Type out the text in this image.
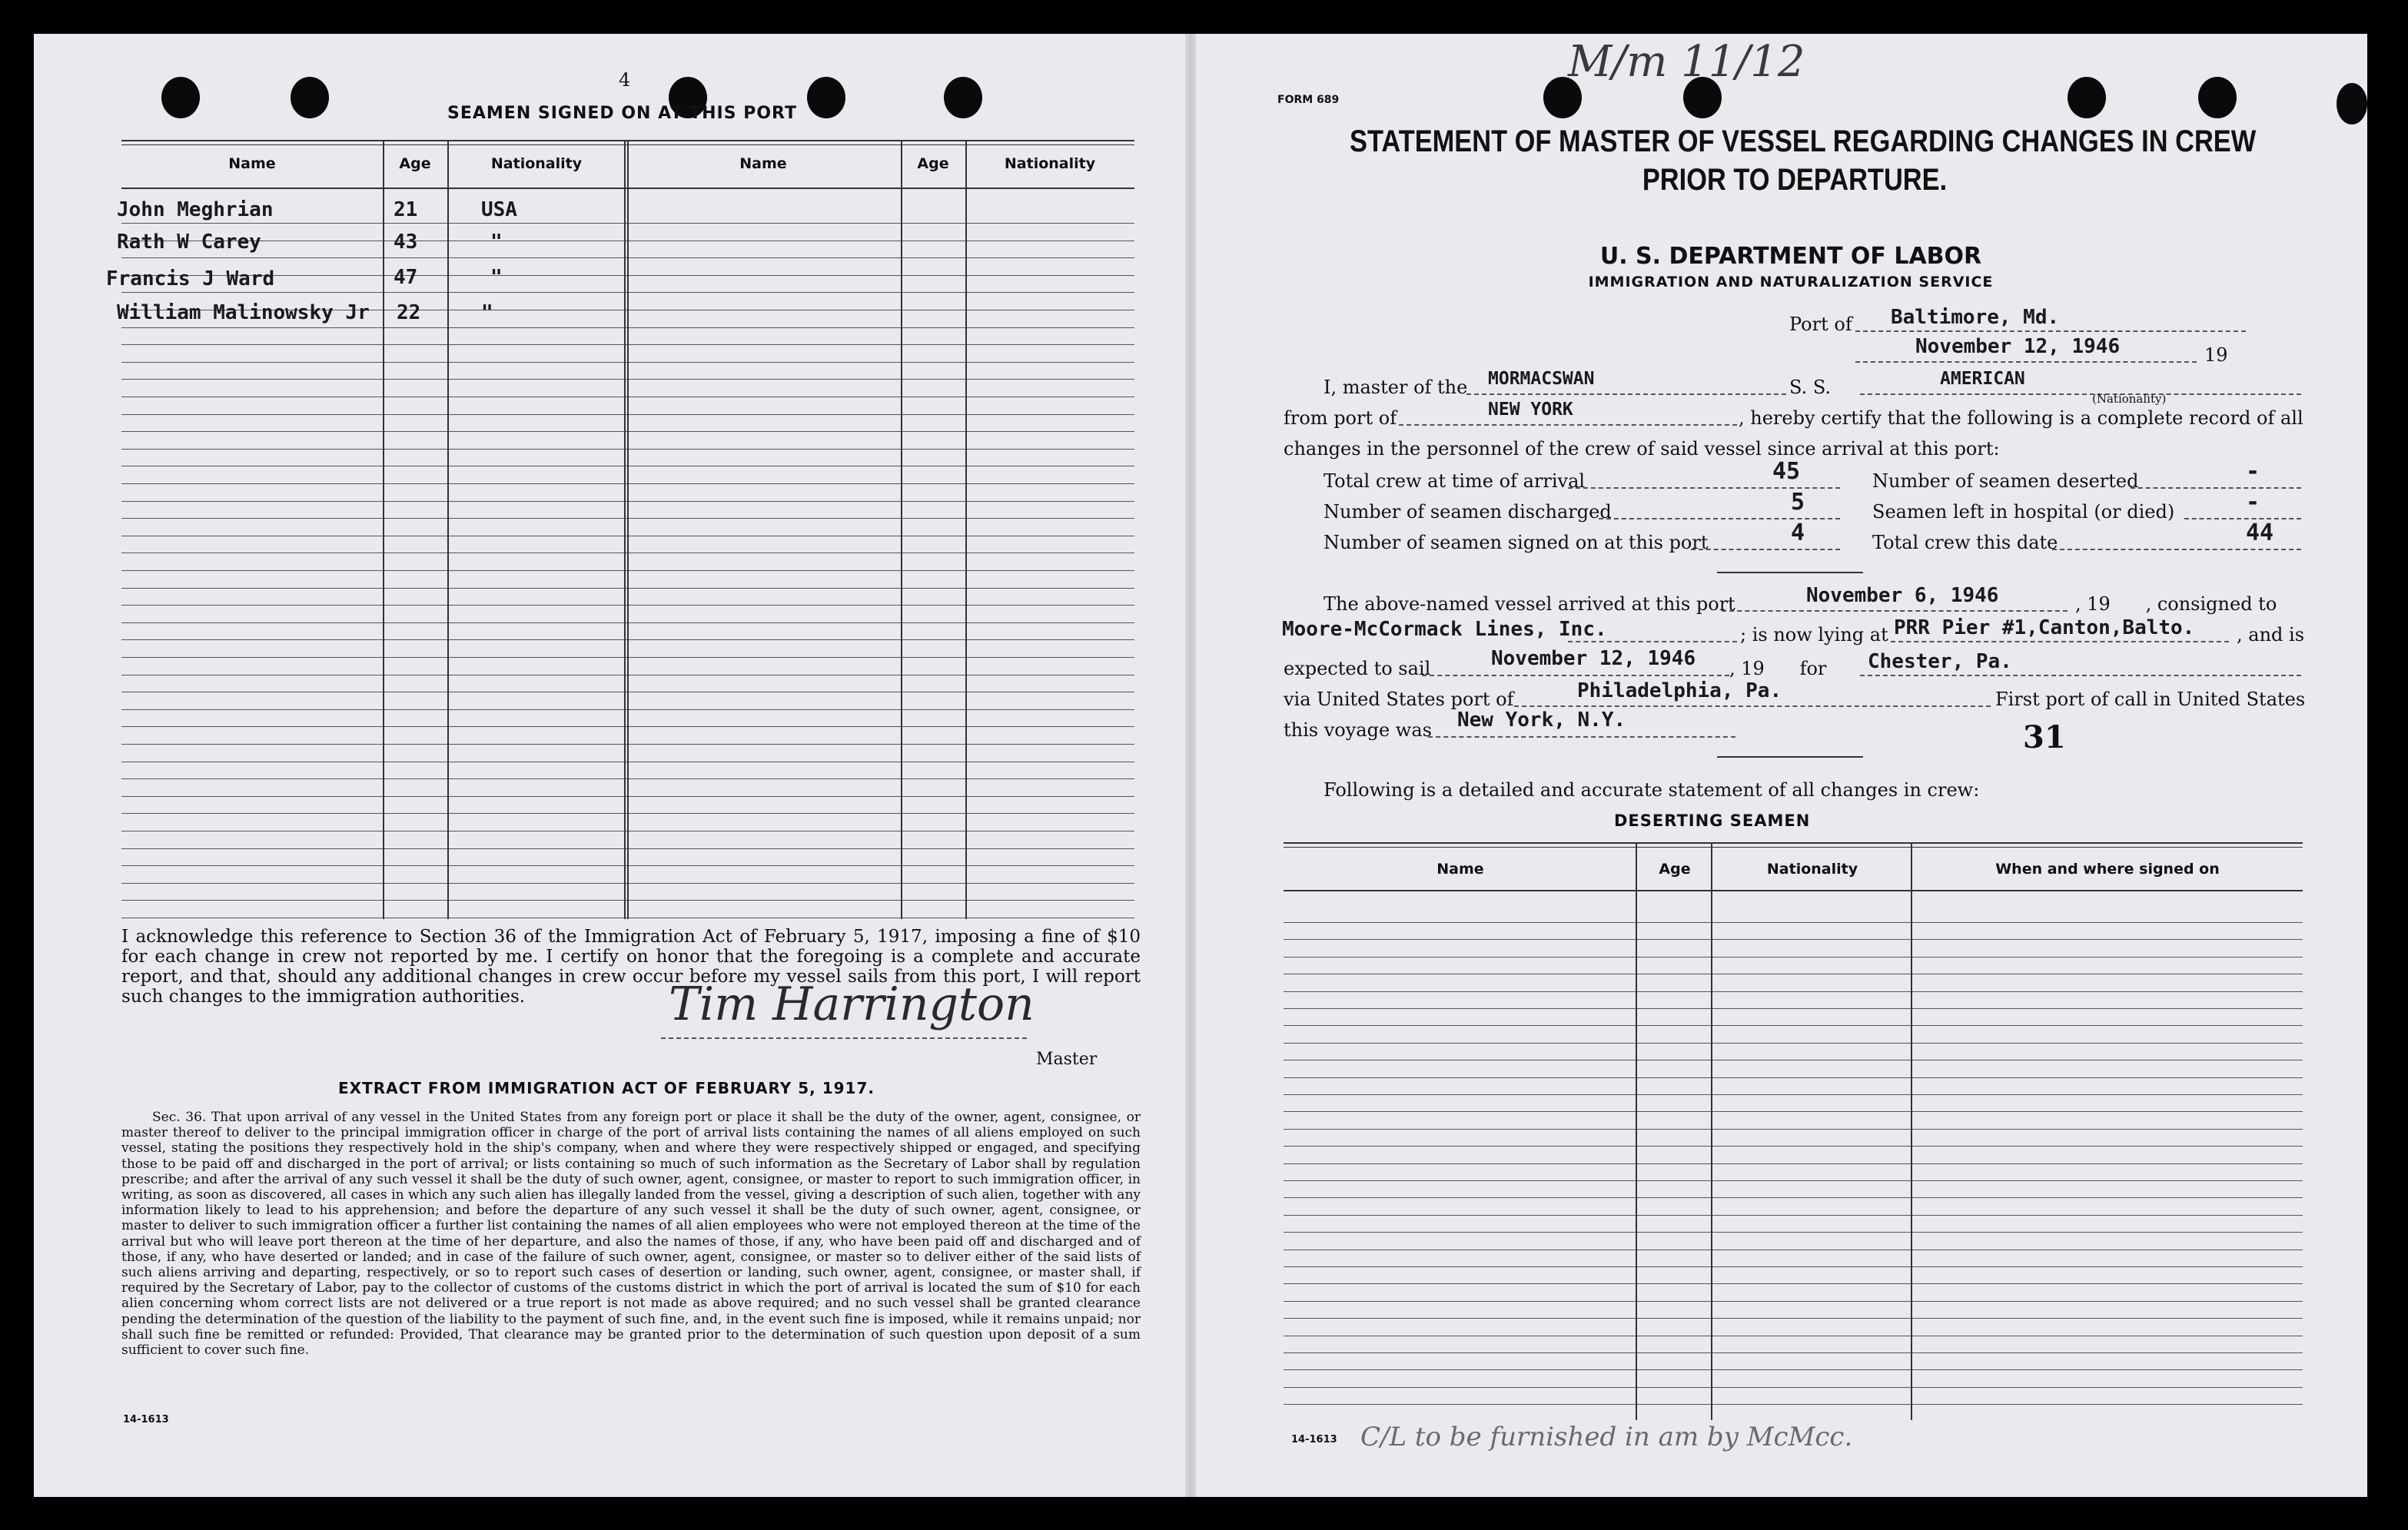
4
SEAMEN SIGNED ON AT THIS PORT
Name	Age	Nationality	Name	Age	Nationality
John Meghrian	21	USA
Rath W Carey	43	"
Francis J Ward	47	"
William Malinowsky Jr 22	"
I acknowledge this reference to Section 36 of the Immigration Act of February 5, 1917, imposing a fine of $10 for each change in crew not reported by me. I certify on honor that the foregoing is a complete and accurate report, and that, should any additional changes in crew occur before my vessel sails from this port, I will report such changes to the immigration authorities.	Tim Harrington
Master
EXTRACT FROM IMMIGRATION ACT OF FEBRUARY 5, 1917.
Sec. 36. That upon arrival of any vessel in the United States from any foreign port or place it shall be the duty of the owner, agent, consignee, or master thereof to deliver to the principal immigration officer in charge of the port of arrival lists containing the names of all aliens employed on such vessel, stating the positions they respectively hold in the ship's company, when and where they were respectively shipped or engaged, and specifying those to be paid off and discharged in the port of arrival; or lists containing so much of such information as the Secretary of Labor shall by regulation prescribe; and after the arrival of any such vessel it shall be the duty of such owner, agent, consignee, or master to report to such immigration officer, in writing, as soon as discovered, all cases in which any such alien has illegally landed from the vessel, giving a description of such alien, together with any information likely to lead to his apprehension; and before the departure of any such vessel it shall be the duty of such owner, agent, consignee, or master to deliver to such immigration officer a further list containing the names of all alien employees who were not employed thereon at the time of the arrival but who will leave port thereon at the time of her departure, and also the names of those, if any, who have been paid off and discharged and of those, if any, who have deserted or landed; and in case of the failure of such owner, agent, consignee, or master so to deliver either of the said lists of such aliens arriving and departing, respectively, or so to report such cases of desertion or landing, such owner, agent, consignee, or master shall, if required by the Secretary of Labor, pay to the collector of customs of the customs district in which the port of arrival is located the sum of $10 for each alien concerning whom correct lists are not delivered or a true report is not made as above required; and no such vessel shall be granted clearance pending the determination of the question of the liability to the payment of such fine, and, in the event such fine is imposed, while it remains unpaid; nor shall such fine be remitted or refunded: Provided, That clearance may be granted prior to the determination of such question upon deposit of a sum sufficient to cover such fine.
14-1613
M/m 11/12
FORM 689
STATEMENT OF MASTER OF VESSEL REGARDING CHANGES IN CREW
PRIOR TO DEPARTURE.
U. S. DEPARTMENT OF LABOR
IMMIGRATION AND NATURALIZATION SERVICE
Port of Baltimore, Md.
November 12, 1946	19
I, master of the MORMACSWAN	S. S.	AMERICAN
(Nationality)
from port of	NEW YORK	, hereby certify that the following is a complete record of all
changes in the personnel of the crew of said vessel since arrival at this port:
Total crew at time of arrival	45
Number of seamen discharged	5
Number of seamen signed on at this port	4
Number of seamen deserted	-
Seamen left in hospital (or died)	-
Total crew this date	44
The above-named vessel arrived at this port	November 6, 1946	, 19      , consigned to
Moore-McCormack Lines, Inc.	; is now lying at PRR Pier #1,Canton,Balto. , and is
expected to sail	November 12, 1946 , 19      for Chester, Pa.
via United States port of	Philadelphia, Pa.	First port of call in United States
this voyage was New York, N.Y.	31
Following is a detailed and accurate statement of all changes in crew:
DESERTING SEAMEN
Name	Age	Nationality	When and where signed on
14-1613 C/L to be furnished in am by McMcc.
